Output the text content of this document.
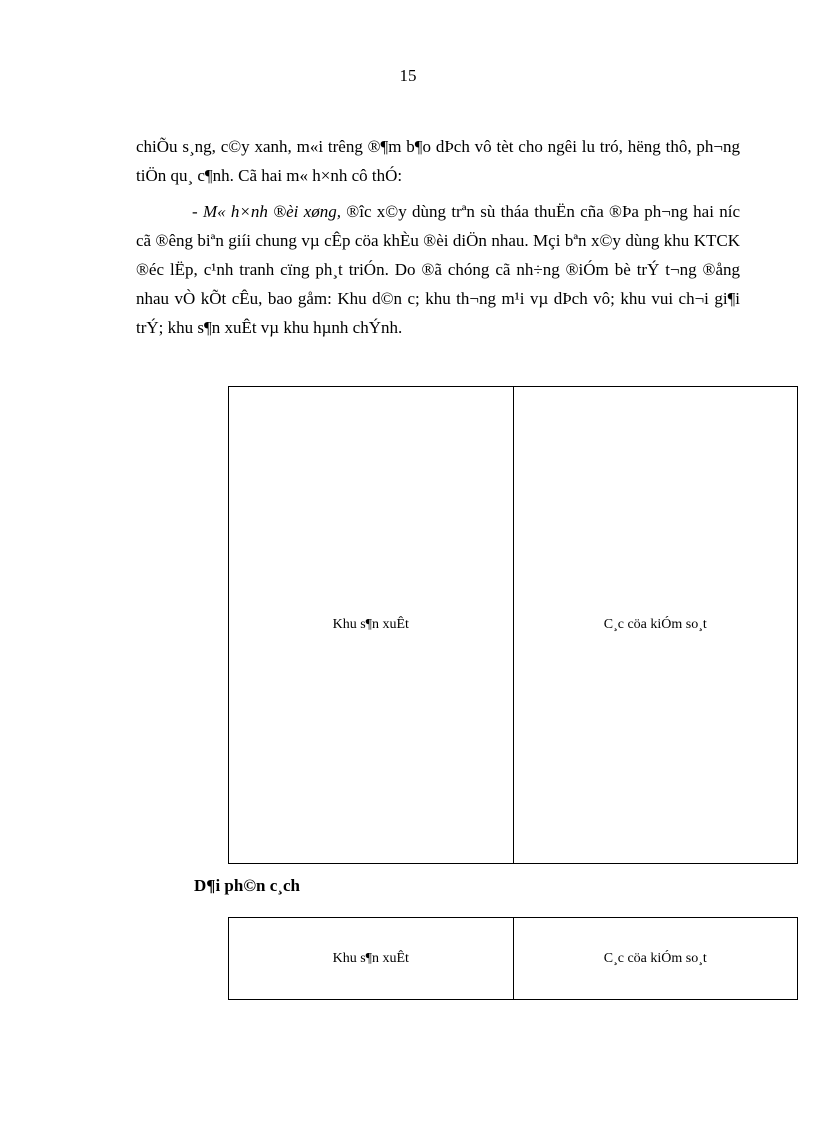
15
chiÕu s¸ng, c©y xanh, m«i trêng ®¶m b¶o dÞch vô tèt cho ngêi lu tró, hëng thô, ph¬ng tiÖn qu¸ c¶nh. Cã hai m« h×nh cô thÓ:
- M« h×nh ®èi xøng, ®îc x©y dùng trªn sù tháa thuËn cña ®Þa ph¬ng hai níc cã ®êng biªn giíi chung vµ cÊp cöa khÈu ®èi diÖn nhau. Mçi bªn x©y dùng khu KTCK ®éc lËp, c¹nh tranh cïng ph¸t triÓn. Do ®ã chóng cã nh÷ng ®iÓm bè trÝ t¬ng ®ång nhau vÒ kÕt cÊu, bao gåm: Khu d©n c; khu th¬ng m¹i vµ dÞch vô; khu vui ch¬i gi¶i trÝ; khu s¶n xuÊt vµ khu hµnh chÝnh.
Khu s¶n xuÊt	C¸c cöa kiÓm so¸t
D¶i ph©n c¸ch
Khu s¶n xuÊt	C¸c cöa kiÓm so¸t
